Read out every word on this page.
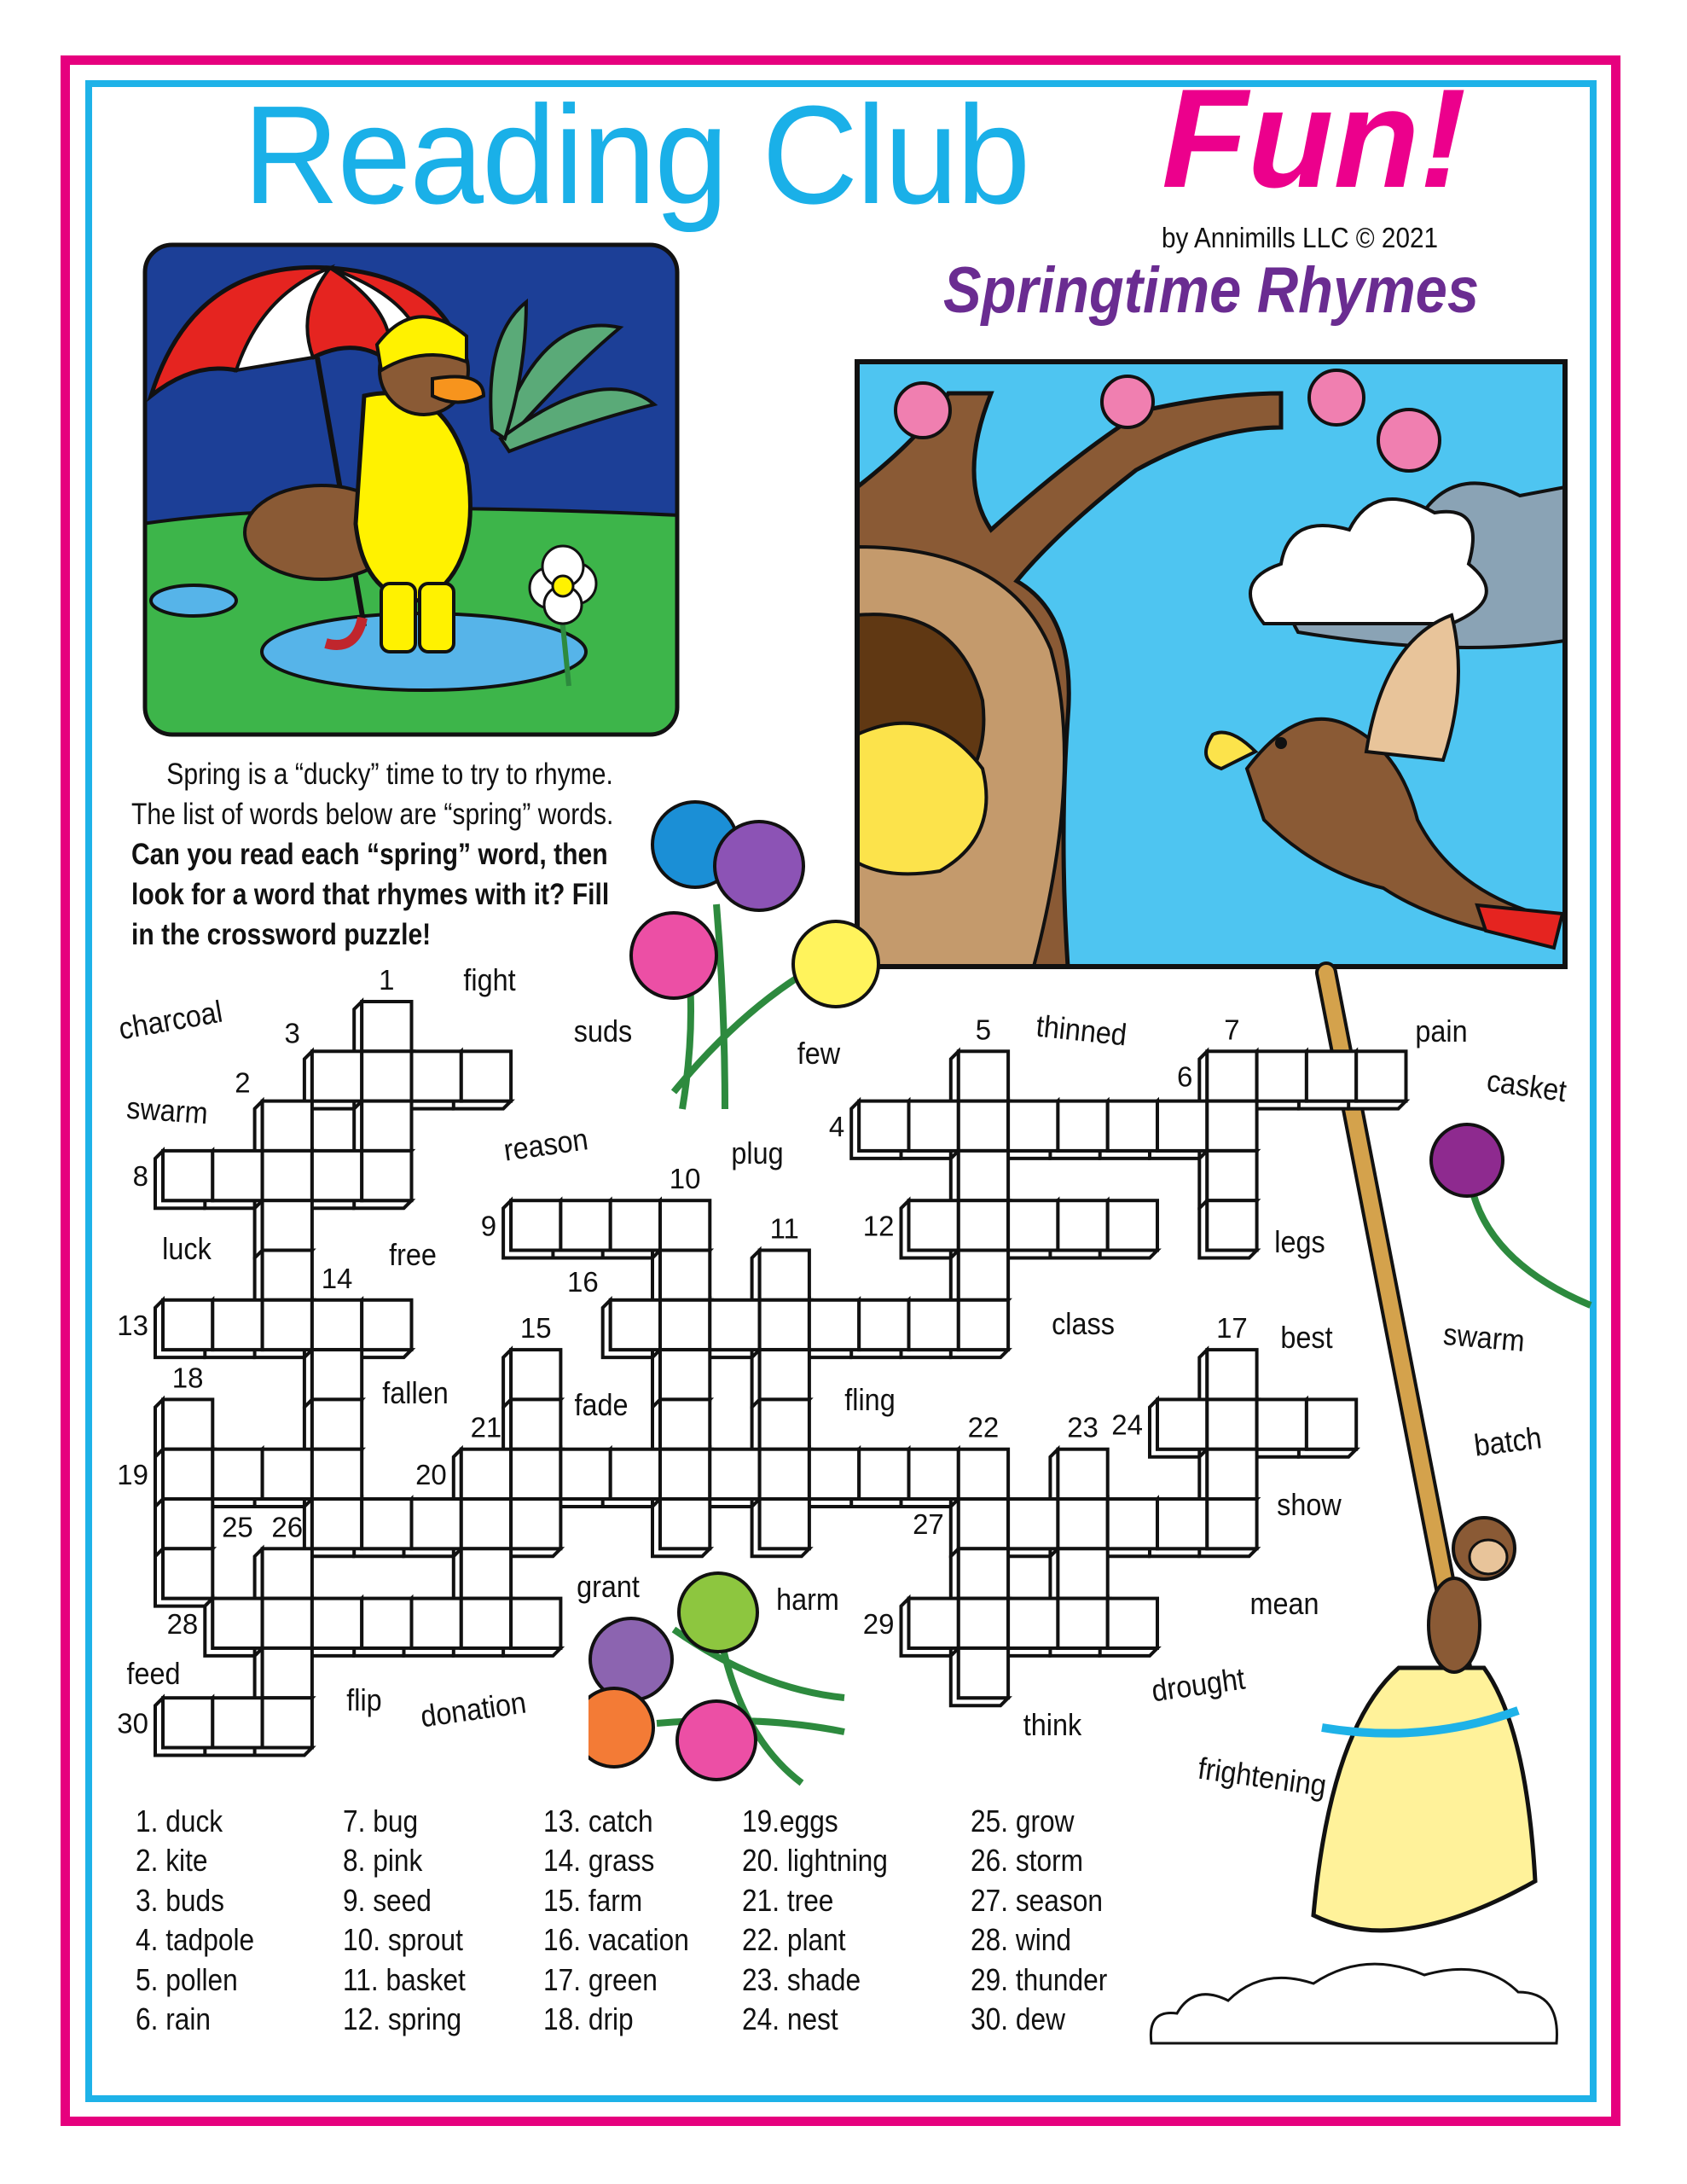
Reading Club Fun!
by Annimills LLC © 2021
Springtime Rhymes
Spring is a “ducky” time to try to rhyme.
The list of words below are “spring” words.
Can you read each “spring” word, then
look for a word that rhymes with it? Fill
in the crossword puzzle!
1
2
3
4
5
6
7
8
9
10
11 12
13
14
15
16
17
18
19	20
21	22 23 24
25 26	27
28	29
30
charcoal
fight
suds
swarm
few
thinned	pain
casket
reason	plug
legs
luck	free
class	best	swarm
fallen	fade	fling
batch
show
grant	harm	mean
feed
flip donation	think
drought
frightening
1. duck
2. kite
3. buds
4. tadpole
5. pollen
6. rain
7. bug
8. pink
9. seed
10. sprout
11. basket
12. spring
13. catch
14. grass
15. farm
16. vacation
17. green
18. drip
19.eggs
20. lightning
21. tree
22. plant
23. shade
24. nest
25. grow
26. storm
27. season
28. wind
29. thunder
30. dew
